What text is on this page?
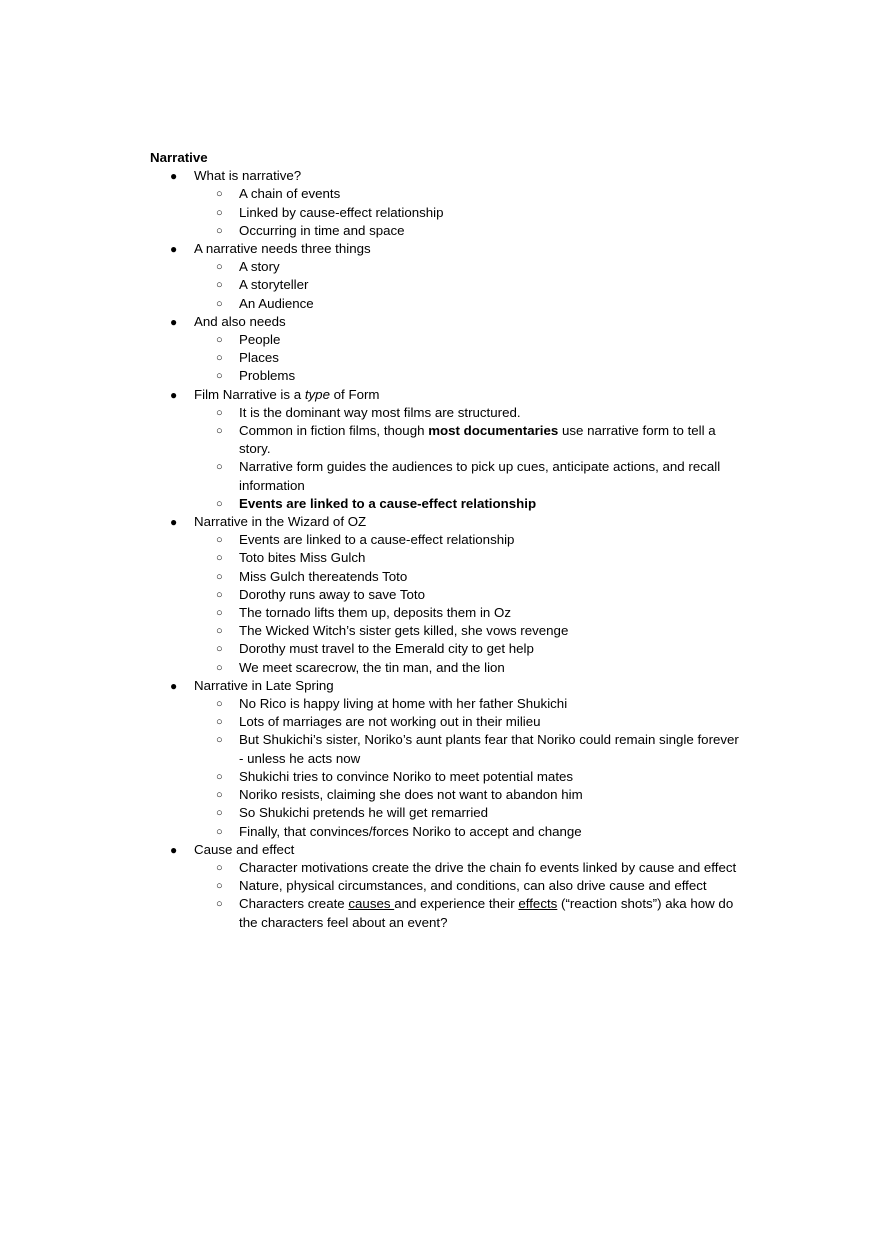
Narrative
● What is narrative?
○ A chain of events
○ Linked by cause-effect relationship
○ Occurring in time and space
● A narrative needs three things
○ A story
○ A storyteller
○ An Audience
● And also needs
○ People
○ Places
○ Problems
● Film Narrative is a type of Form
○ It is the dominant way most films are structured.
○ Common in fiction films, though most documentaries use narrative form to tell a story.
○ Narrative form guides the audiences to pick up cues, anticipate actions, and recall information
○ Events are linked to a cause-effect relationship
● Narrative in the Wizard of OZ
○ Events are linked to a cause-effect relationship
○ Toto bites Miss Gulch
○ Miss Gulch thereatends Toto
○ Dorothy runs away to save Toto
○ The tornado lifts them up, deposits them in Oz
○ The Wicked Witch’s sister gets killed, she vows revenge
○ Dorothy must travel to the Emerald city to get help
○ We meet scarecrow, the tin man, and the lion
● Narrative in Late Spring
○ No Rico is happy living at home with her father Shukichi
○ Lots of marriages are not working out in their milieu
○ But Shukichi’s sister, Noriko’s aunt plants fear that Noriko could remain single forever - unless he acts now
○ Shukichi tries to convince Noriko to meet potential mates
○ Noriko resists, claiming she does not want to abandon him
○ So Shukichi pretends he will get remarried
○ Finally, that convinces/forces Noriko to accept and change
● Cause and effect
○ Character motivations create the drive the chain fo events linked by cause and effect
○ Nature, physical circumstances, and conditions, can also drive cause and effect
○ Characters create causes and experience their effects (“reaction shots”) aka how do the characters feel about an event?
